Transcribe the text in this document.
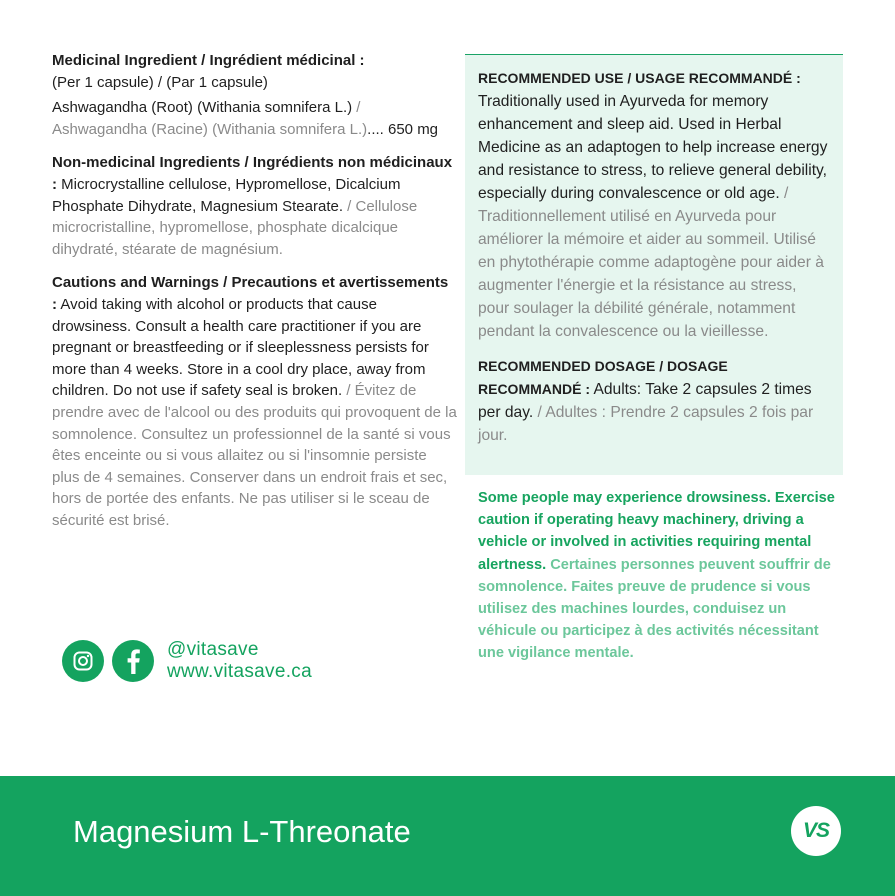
Medicinal Ingredient / Ingrédient médicinal :
(Per 1 capsule) / (Par 1 capsule)

Ashwagandha (Root) (Withania somnifera L.) / Ashwagandha (Racine) (Withania somnifera L.).... 650 mg

Non-medicinal Ingredients / Ingrédients non médicinaux : Microcrystalline cellulose, Hypromellose, Dicalcium Phosphate Dihydrate, Magnesium Stearate. / Cellulose microcristalline, hypromellose, phosphate dicalcique dihydraté, stéarate de magnésium.

Cautions and Warnings / Precautions et avertissements : Avoid taking with alcohol or products that cause drowsiness. Consult a health care practitioner if you are pregnant or breastfeeding or if sleeplessness persists for more than 4 weeks. Store in a cool dry place, away from children. Do not use if safety seal is broken. / Évitez de prendre avec de l'alcool ou des produits qui provoquent de la somnolence. Consultez un professionnel de la santé si vous êtes enceinte ou si vous allaitez ou si l'insomnie persiste plus de 4 semaines. Conserver dans un endroit frais et sec, hors de portée des enfants. Ne pas utiliser si le sceau de sécurité est brisé.

RECOMMENDED USE / USAGE RECOMMANDÉ :
Traditionally used in Ayurveda for memory enhancement and sleep aid. Used in Herbal Medicine as an adaptogen to help increase energy and resistance to stress, to relieve general debility, especially during convalescence or old age. / Traditionnellement utilisé en Ayurveda pour améliorer la mémoire et aider au sommeil. Utilisé en phytothérapie comme adaptogène pour aider à augmenter l'énergie et la résistance au stress, pour soulager la débilité générale, notamment pendant la convalescence ou la vieillesse.

RECOMMENDED DOSAGE / DOSAGE RECOMMANDÉ : Adults: Take 2 capsules 2 times per day. / Adultes : Prendre 2 capsules 2 fois par jour.

Some people may experience drowsiness. Exercise caution if operating heavy machinery, driving a vehicle or involved in activities requiring mental alertness. Certaines personnes peuvent souffrir de somnolence. Faites preuve de prudence si vous utilisez des machines lourdes, conduisez un véhicule ou participez à des activités nécessitant une vigilance mentale.
@vitasave
www.vitasave.ca
Magnesium L-Threonate	VS
